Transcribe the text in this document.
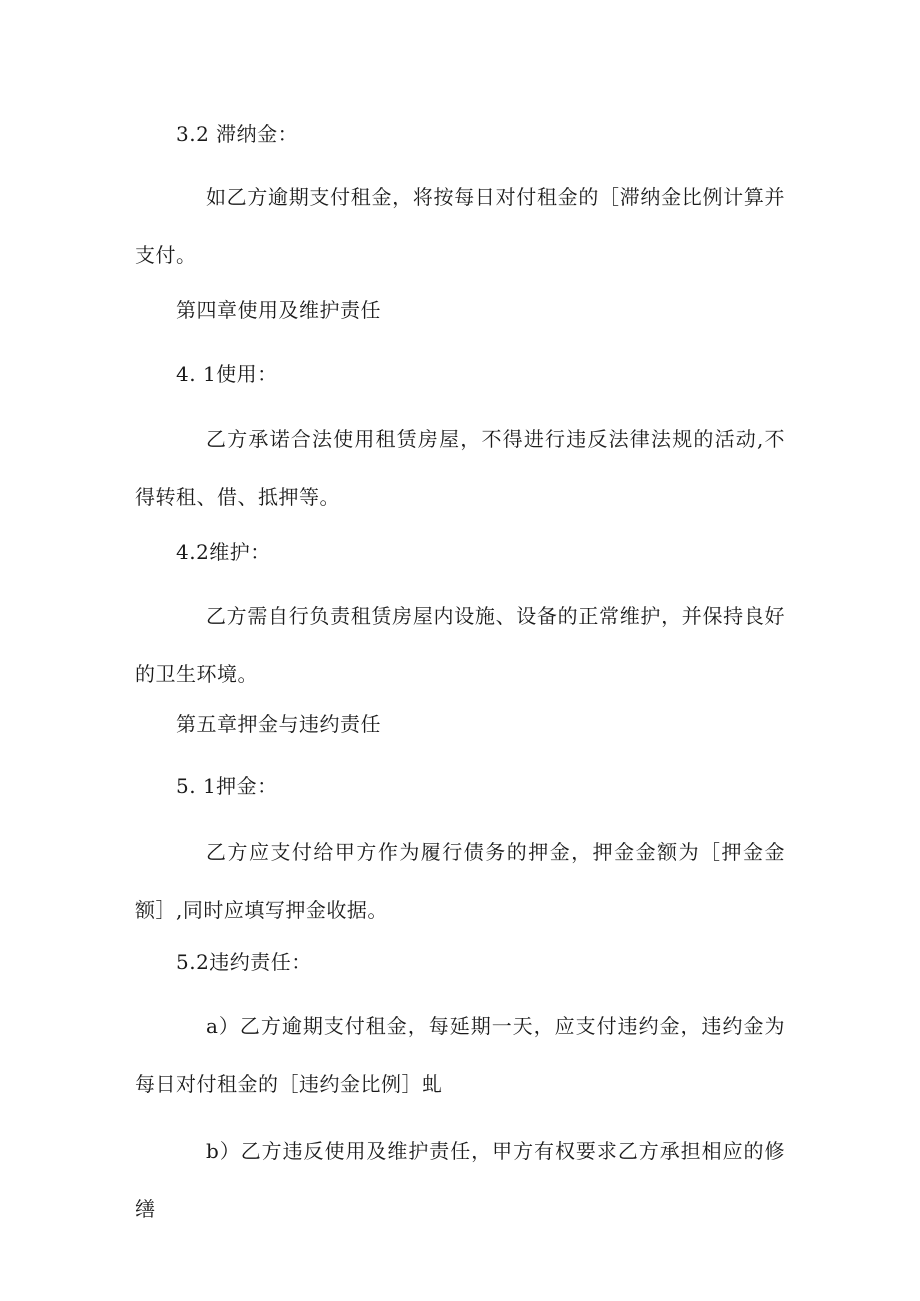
3.2 滞纳金：
如乙方逾期支付租金，将按每日对付租金的［滞纳金比例计算并支付。
第四章使用及维护责任
4. 1使用：
乙方承诺合法使用租赁房屋，不得进行违反法律法规的活动,不得转租、借、抵押等。
4.2维护：
乙方需自行负责租赁房屋内设施、设备的正常维护，并保持良好的卫生环境。
第五章押金与违约责任
5. 1押金：
乙方应支付给甲方作为履行债务的押金，押金金额为［押金金额］,同时应填写押金收据。
5.2违约责任：
a）乙方逾期支付租金，每延期一天，应支付违约金，违约金为每日对付租金的［违约金比例］虬
b）乙方违反使用及维护责任，甲方有权要求乙方承担相应的修缮
